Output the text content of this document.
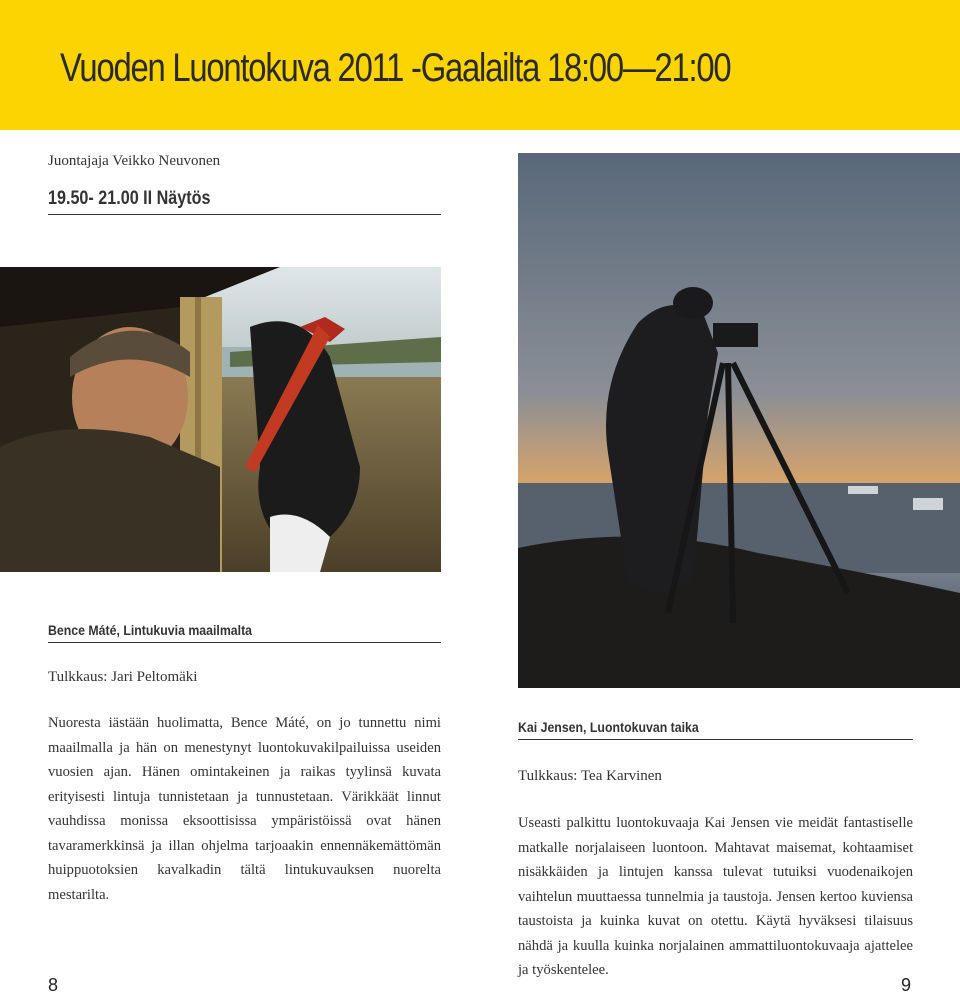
Vuoden Luontokuva 2011 -Gaalailta 18:00—21:00
Juontajaja Veikko Neuvonen
19.50- 21.00 II Näytös
Bence Máté, Lintukuvia maailmalta
Tulkkaus: Jari Peltomäki
Nuoresta iästään huolimatta, Bence Máté, on jo tunnettu nimi maailmalla ja hän on menestynyt luontokuvakilpailuissa useiden vuosien ajan. Hänen omintakeinen ja raikas tyylinsä kuvata erityisesti lintuja tunnistetaan ja tunnustetaan. Värikkäät linnut vauhdissa monissa eksoottisissa ympäristöissä ovat hänen tavaramerkkinsä ja illan ohjelma tarjoaakin ennennäkemättömän huippuotoksien kavalkadin tältä lintukuvauksen nuorelta mestarilta.
Kai Jensen, Luontokuvan taika
Tulkkaus: Tea Karvinen
Useasti palkittu luontokuvaaja Kai Jensen vie meidät fantastiselle matkalle norjalaiseen luontoon. Mahtavat maisemat, kohtaamiset nisäkkäiden ja lintujen kanssa tulevat tutuiksi vuodenaikojen vaihtelun muuttaessa tunnelmia ja taustoja. Jensen kertoo kuviensa taustoista ja kuinka kuvat on otettu. Käytä hyväksesi tilaisuus nähdä ja kuulla kuinka norjalainen ammattiluontokuvaaja ajattelee ja työskentelee.
8	9
